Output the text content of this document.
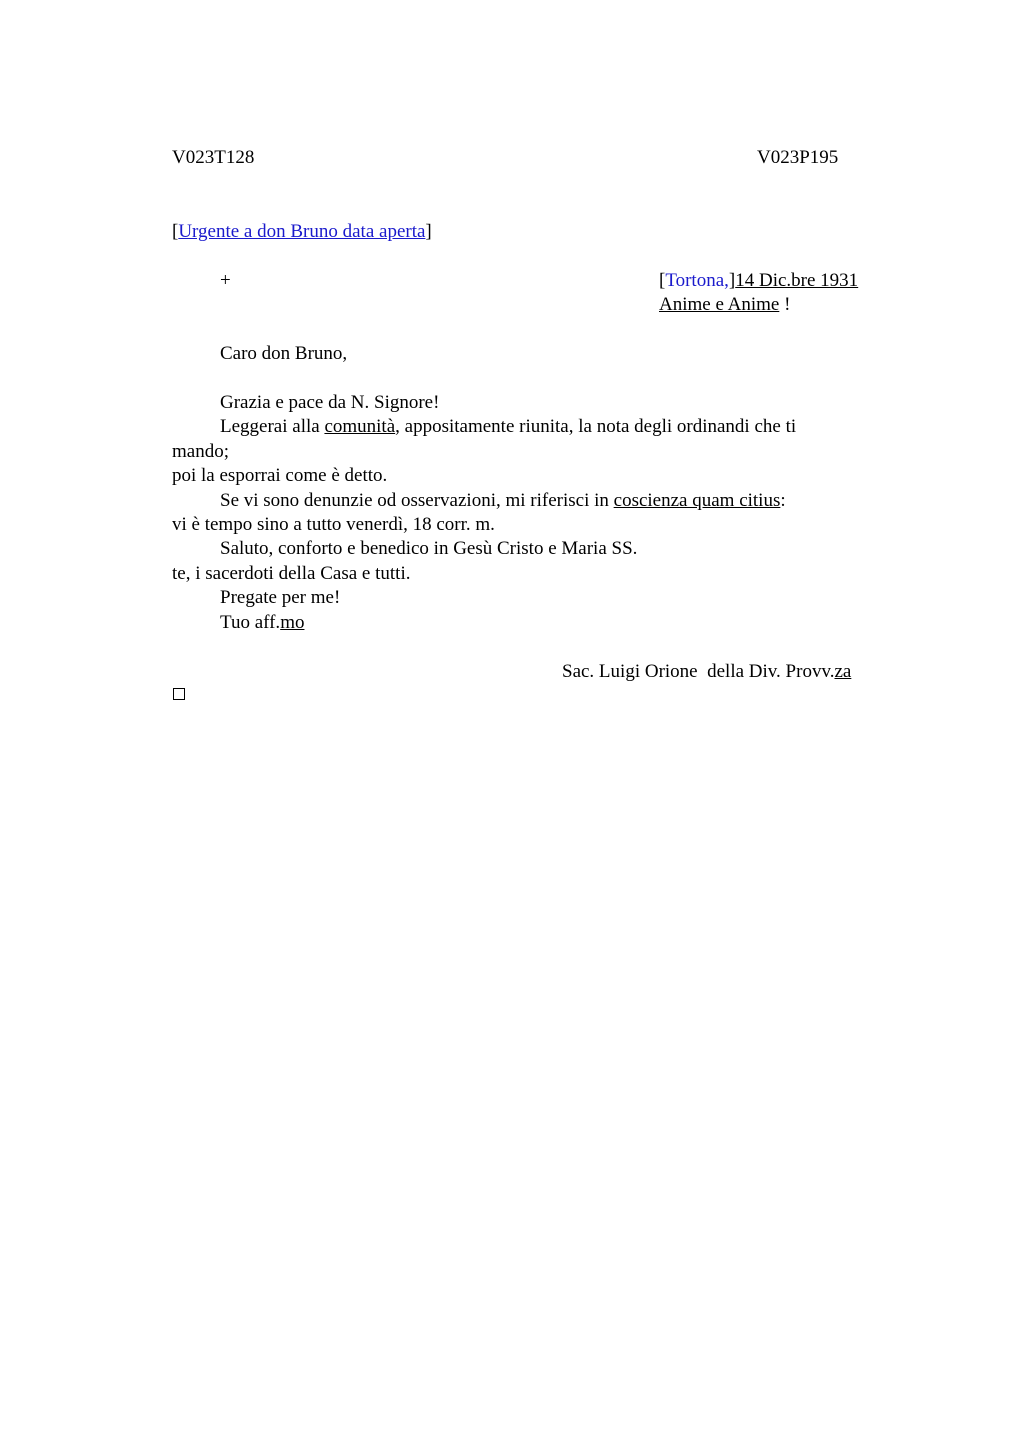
V023T128	V023P195
[Urgente a don Bruno data aperta]
+	[Tortona,]14 Dic.bre 1931
Anime e Anime !
Caro don Bruno,
Grazia e pace da N. Signore!
Leggerai alla comunità, appositamente riunita, la nota degli ordinandi che ti
mando;
poi la esporrai come è detto.
Se vi sono denunzie od osservazioni, mi riferisci in coscienza quam citius:
vi è tempo sino a tutto venerdì, 18 corr. m.
Saluto, conforto e benedico in Gesù Cristo e Maria SS.
te, i sacerdoti della Casa e tutti.
Pregate per me!
Tuo aff.mo
Sac. Luigi Orione  della Div. Provv.za
